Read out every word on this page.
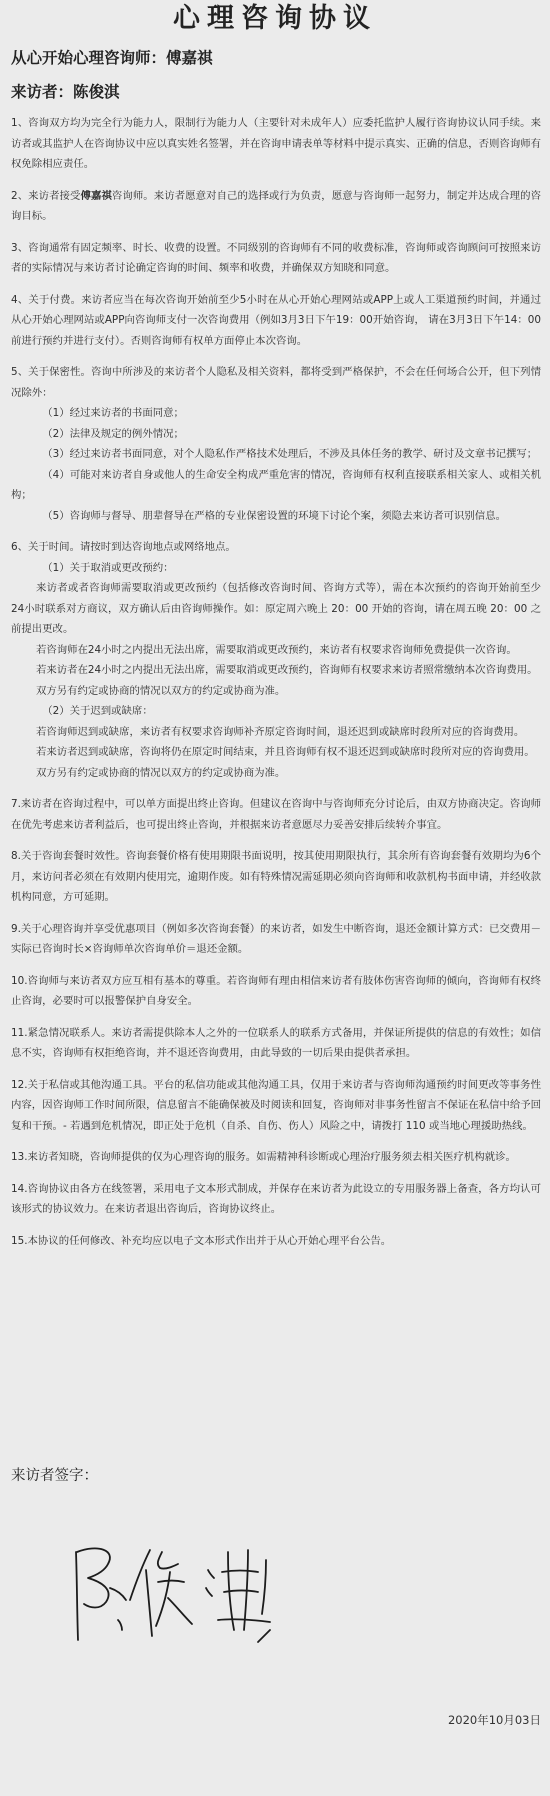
心理咨询协议
从心开始心理咨询师：傅嘉祺
来访者：陈俊淇

1、咨询双方均为完全行为能力人，限制行为能力人（主要针对未成年人）应委托监护人履行咨询协议认同手续。来访者或其监护人在咨询协议中应以真实姓名签署，并在咨询申请表单等材料中提示真实、正确的信息，否则咨询师有权免除相应责任。

2、来访者接受傅嘉祺咨询师。来访者愿意对自己的选择或行为负责，愿意与咨询师一起努力，制定并达成合理的咨询目标。

3、咨询通常有固定频率、时长、收费的设置。不同级别的咨询师有不同的收费标准，咨询师或咨询顾问可按照来访者的实际情况与来访者讨论确定咨询的时间、频率和收费，并确保双方知晓和同意。

4、关于付费。来访者应当在每次咨询开始前至少5小时在从心开始心理网站或APP上或人工渠道预约时间，并通过从心开始心理网站或APP向咨询师支付一次咨询费用（例如3月3日下午19：00开始咨询， 请在3月3日下午14：00前进行预约并进行支付）。否则咨询师有权单方面停止本次咨询。

5、关于保密性。咨询中所涉及的来访者个人隐私及相关资料，都将受到严格保护，不会在任何场合公开，但下列情况除外：

（1）经过来访者的书面同意；

（2）法律及规定的例外情况；

（3）经过来访者书面同意，对个人隐私作严格技术处理后，不涉及具体任务的教学、研讨及文章书记撰写；

（4）可能对来访者自身或他人的生命安全构成严重危害的情况，咨询师有权利直接联系相关家人、或相关机构；

（5）咨询师与督导、朋辈督导在严格的专业保密设置的环境下讨论个案，须隐去来访者可识别信息。

6、关于时间。请按时到达咨询地点或网络地点。

（1）关于取消或更改预约：

来访者或者咨询师需要取消或更改预约（包括修改咨询时间、咨询方式等），需在本次预约的咨询开始前至少24小时联系对方商议，双方确认后由咨询师操作。如：原定周六晚上 20：00 开始的咨询，请在周五晚 20：00 之前提出更改。

若咨询师在24小时之内提出无法出席，需要取消或更改预约，来访者有权要求咨询师免费提供一次咨询。

若来访者在24小时之内提出无法出席，需要取消或更改预约，咨询师有权要求来访者照常缴纳本次咨询费用。

双方另有约定或协商的情况以双方的约定或协商为准。

（2）关于迟到或缺席：

若咨询师迟到或缺席，来访者有权要求咨询师补齐原定咨询时间，退还迟到或缺席时段所对应的咨询费用。

若来访者迟到或缺席，咨询将仍在原定时间结束，并且咨询师有权不退还迟到或缺席时段所对应的咨询费用。

双方另有约定或协商的情况以双方的约定或协商为准。

7.来访者在咨询过程中，可以单方面提出终止咨询。但建议在咨询中与咨询师充分讨论后，由双方协商决定。咨询师在优先考虑来访者利益后，也可提出终止咨询，并根据来访者意愿尽力妥善安排后续转介事宜。

8.关于咨询套餐时效性。咨询套餐价格有使用期限书面说明，按其使用期限执行，其余所有咨询套餐有效期均为6个月，来访问者必须在有效期内使用完，逾期作废。如有特殊情况需延期必须向咨询师和收款机构书面申请，并经收款机构同意，方可延期。

9.关于心理咨询并享受优惠项目（例如多次咨询套餐）的来访者，如发生中断咨询，退还金额计算方式：已交费用－实际已咨询时长×咨询师单次咨询单价＝退还金额。

10.咨询师与来访者双方应互相有基本的尊重。若咨询师有理由相信来访者有肢体伤害咨询师的倾向，咨询师有权终止咨询，必要时可以报警保护自身安全。

11.紧急情况联系人。来访者需提供除本人之外的一位联系人的联系方式备用，并保证所提供的信息的有效性；如信息不实，咨询师有权拒绝咨询，并不退还咨询费用，由此导致的一切后果由提供者承担。

12.关于私信或其他沟通工具。平台的私信功能或其他沟通工具，仅用于来访者与咨询师沟通预约时间更改等事务性内容，因咨询师工作时间所限，信息留言不能确保被及时阅读和回复，咨询师对非事务性留言不保证在私信中给予回复和干预。- 若遇到危机情况，即正处于危机（自杀、自伤、伤人）风险之中，请拨打 110 或当地心理援助热线。

13.来访者知晓，咨询师提供的仅为心理咨询的服务。如需精神科诊断或心理治疗服务须去相关医疗机构就诊。

14.咨询协议由各方在线签署，采用电子文本形式制成，并保存在来访者为此设立的专用服务器上备查，各方均认可该形式的协议效力。在来访者退出咨询后，咨询协议终止。

15.本协议的任何修改、补充均应以电子文本形式作出并于从心开始心理平台公告。

来访者签字：
2020年10月03日
